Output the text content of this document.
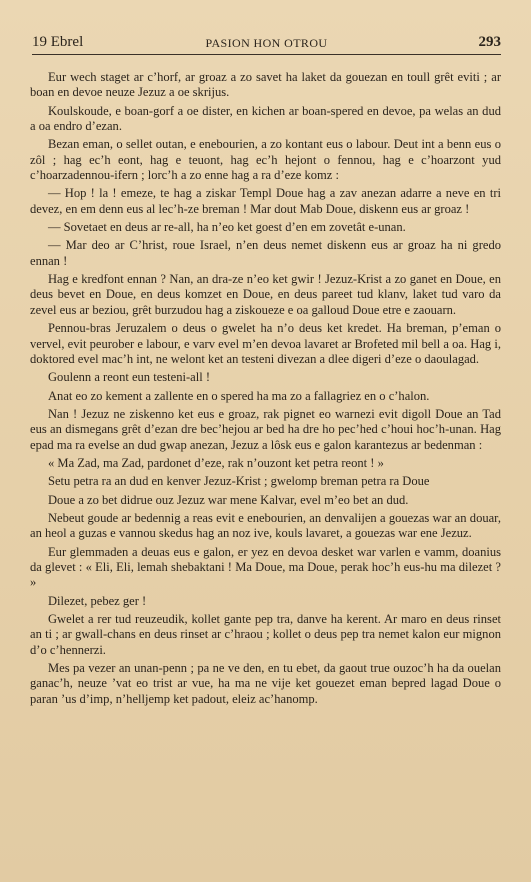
19 Ebrel	PASION HON OTROU	293

Eur wech staget ar c’horf, ar groaz a zo savet ha laket da gouezan en toull grêt eviti ; ar boan en devoe neuze Jezuz a oe skrijus.

Koulskoude, e boan-gorf a oe dister, en kichen ar boan-spered en devoe, pa welas an dud a oa endro d’ezan.

Bezan eman, o sellet outan, e enebourien, a zo kontant eus o labour. Deut int a benn eus o zôl ; hag ec’h eont, hag e teuont, hag ec’h hejont o fennou, hag e c’hoarzont yud c’hoarzadennou-ifern ; lorc’h a zo enne hag a ra d’eze komz :

— Hop ! la ! emeze, te hag a ziskar Templ Doue hag a zav anezan adarre a neve en tri devez, en em denn eus al lec’h-ze breman ! Mar dout Mab Doue, diskenn eus ar groaz !

— Sovetaet en deus ar re-all, ha n’eo ket goest d’en em zovetât e-unan.

— Mar deo ar C’hrist, roue Israel, n’en deus nemet diskenn eus ar groaz ha ni gredo ennan !

Hag e kredfont ennan ? Nan, an dra-ze n’eo ket gwir ! Jezuz-Krist a zo ganet en Doue, en deus bevet en Doue, en deus komzet en Doue, en deus pareet tud klanv, laket tud varo da zevel eus ar beziou, grêt burzudou hag a ziskoueze e oa galloud Doue etre e zaouarn.

Pennou-bras Jeruzalem o deus o gwelet ha n’o deus ket kredet. Ha breman, p’eman o vervel, evit peurober e labour, e varv evel m’en devoa lavaret ar Brofeted mil bell a oa. Hag i, doktored evel mac’h int, ne welont ket an testeni divezan a dlee digeri d’eze o daoulagad.

Goulenn a reont eun testeni-all !

Anat eo zo kement a zallente en o spered ha ma zo a fallagriez en o c’halon.

Nan ! Jezuz ne ziskenno ket eus e groaz, rak pignet eo warnezi evit digoll Doue an Tad eus an dismegans grêt d’ezan dre bec’hejou ar bed ha dre ho pec’hed c’houi hoc’h-unan. Hag epad ma ra evelse an dud gwap anezan, Jezuz a lôsk eus e galon karantezus ar bedenman :

« Ma Zad, ma Zad, pardonet d’eze, rak n’ouzont ket petra reont ! »

Setu petra ra an dud en kenver Jezuz-Krist ; gwelomp breman petra ra Doue

Doue a zo bet didrue ouz Jezuz war mene Kalvar, evel m’eo bet an dud.

Nebeut goude ar bedennig a reas evit e enebourien, an denvalijen a gouezas war an douar, an heol a guzas e vannou skedus hag an noz ive, kouls lavaret, a gouezas war ene Jezuz.

Eur glemmaden a deuas eus e galon, er yez en devoa desket war varlen e vamm, doanius da glevet : « Eli, Eli, lemah shebaktani ! Ma Doue, ma Doue, perak hoc’h eus-hu ma dilezet ? »

Dilezet, pebez ger !

Gwelet a rer tud reuzeudik, kollet gante pep tra, danve ha kerent. Ar maro en deus rinset an ti ; ar gwall-chans en deus rinset ar c’hraou ; kollet o deus pep tra nemet kalon eur mignon d’o c’hennerzi.

Mes pa vezer an unan-penn ; pa ne ve den, en tu ebet, da gaout true ouzoc’h ha da ouelan ganac’h, neuze ’vat eo trist ar vue, ha ma ne vije ket gouezet eman bepred lagad Doue o paran ’us d’imp, n’helljemp ket padout, eleiz ac’hanomp.
